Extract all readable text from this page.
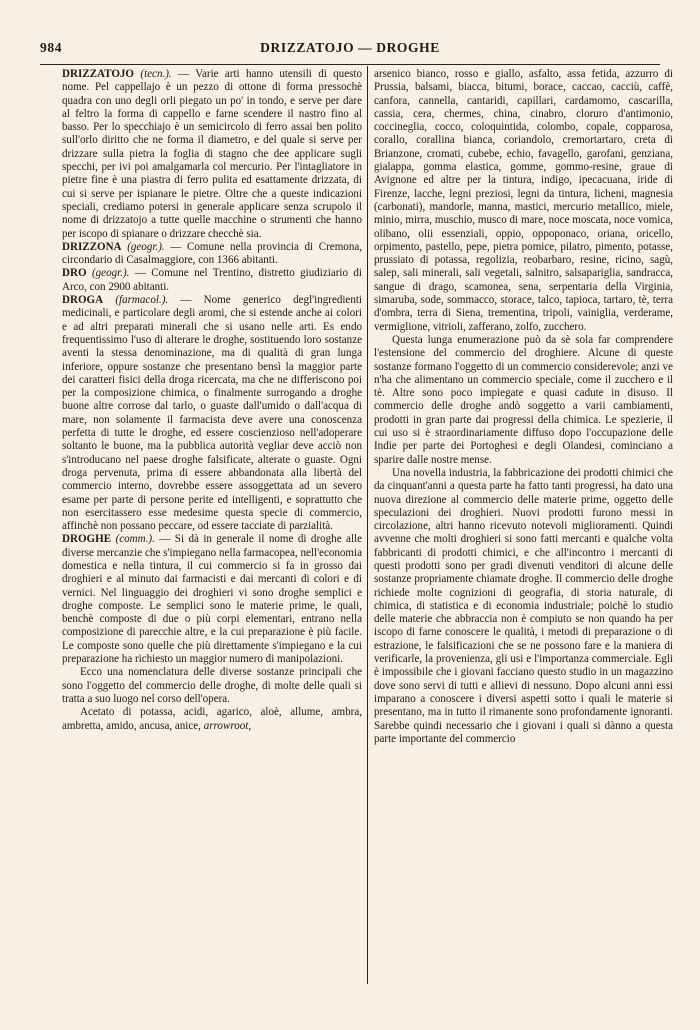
984	DRIZZATOJO — DROGHE

DRIZZATOJO (tecn.). — Varie arti hanno utensili di questo nome. Pel cappellajo è un pezzo di ottone di forma pressochè quadra con uno degli orli piegato un po' in tondo, e serve per dare al feltro la forma di cappello e farne scendere il nastro fino al basso. Per lo specchiajo è un semicircolo di ferro assai ben polito sull'orlo diritto che ne forma il diametro, e del quale si serve per drizzare sulla pietra la foglia di stagno che dee applicare sugli specchi, per ivi poi amalgamarla col mercurio. Per l'intagliatore in pietre fine è una piastra di ferro pulita ed esattamente drizzata, di cui si serve per ispianare le pietre. Oltre che a queste indicazioni speciali, crediamo potersi in generale applicare senza scrupolo il nome di drizzatojo a tutte quelle macchine o strumenti che hanno per iscopo di spianare o drizzare checchè sia.

DRIZZONA (geogr.). — Comune nella provincia di Cremona, circondario di Casalmaggiore, con 1366 abitanti.

DRO (geogr.). — Comune nel Trentino, distretto giudiziario di Arco, con 2900 abitanti.

DROGA (farmacol.). — Nome generico degl'ingredienti medicinali, e particolare degli aromi, che si estende anche ai colori e ad altri preparati minerali che si usano nelle arti. Es endo frequentissimo l'uso di alterare le droghe, sostituendo loro sostanze aventi la stessa denominazione, ma di qualità di gran lunga inferiore, oppure sostanze che presentano bensì la maggior parte dei caratteri fisici della droga ricercata, ma che ne differiscono poi per la composizione chimica, o finalmente surrogando a droghe buone altre corrose dal tarlo, o guaste dall'umido o dall'acqua di mare, non solamente il farmacista deve avere una conoscenza perfetta di tutte le droghe, ed essere coscienzioso nell'adoperare soltanto le buone, ma la pubblica autorità vegliar deve acciò non s'introducano nel paese droghe falsificate, alterate o guaste. Ogni droga pervenuta, prima di essere abbandonata alla libertà del commercio interno, dovrebbe essere assoggettata ad un severo esame per parte di persone perite ed intelligenti, e soprattutto che non esercitassero esse medesime questa specie di commercio, affinchè non possano peccare, od essere tacciate di parzialità.

DROGHE (comm.). — Si dà in generale il nome di droghe alle diverse mercanzie che s'impiegano nella farmacopea, nell'economia domestica e nella tintura, il cui commercio si fa in grosso dai droghieri e al minuto dai farmacisti e dai mercanti di colori e di vernici. Nel linguaggio dei droghieri vi sono droghe semplici e droghe composte. Le semplici sono le materie prime, le quali, benchè composte di due o più corpi elementari, entrano nella composizione di parecchie altre, e la cui preparazione è più facile. Le composte sono quelle che più direttamente s'impiegano e la cui preparazione ha richiesto un maggior numero di manipolazioni.

Ecco una nomenclatura delle diverse sostanze principali che sono l'oggetto del commercio delle droghe, di molte delle quali si tratta a suo luogo nel corso dell'opera.

Acetato di potassa, acidi, agarico, aloè, allume, ambra, ambretta, amido, ancusa, anice, arrowroot,

arsenico bianco, rosso e giallo, asfalto, assa fetida, azzurro di Prussia, balsami, biacca, bitumi, borace, caccao, cacciù, caffè, canfora, cannella, cantaridi, capillari, cardamomo, cascarilla, cassia, cera, chermes, china, cinabro, cloruro d'antimonio, coccineglia, cocco, coloquintida, colombo, copale, copparosa, corallo, corallina bianca, coriandolo, cremortartaro, creta di Brianzone, cromati, cubebe, echio, favagello, garofani, genziana, gialappa, gomma elastica, gomme, gommo-resine, graue di Avignone ed altre per la tintura, indigo, ipecacuana, iride di Firenze, lacche, legni preziosi, legni da tintura, licheni, magnesia (carbonati), mandorle, manna, mastici, mercurio metallico, miele, minio, mirra, muschio, musco di mare, noce moscata, noce vomica, olibano, olii essenziali, oppio, oppoponaco, oriana, oricello, orpimento, pastello, pepe, pietra pomice, pilatro, pimento, potasse, prussiato di potassa, regolizia, reobarbaro, resine, ricino, sagù, salep, sali minerali, sali vegetali, salnitro, salsapariglia, sandracca, sangue di drago, scamonea, sena, serpentaria della Virginia, simaruba, sode, sommacco, storace, talco, tapioca, tartaro, tè, terra d'ombra, terra di Siena, trementina, tripoli, vainiglia, verderame, vermiglione, vitrioli, zafferano, zolfo, zucchero.

Questa lunga enumerazione può da sè sola far comprendere l'estensione del commercio del droghiere. Alcune di queste sostanze formano l'oggetto di un commercio considerevole; anzi ve n'ha che alimentano un commercio speciale, come il zucchero e il tè. Altre sono poco impiegate e quasi cadute in disuso. Il commercio delle droghe andò soggetto a varii cambiamenti, prodotti in gran parte dai progressi della chimica. Le spezierie, il cui uso si è straordinariamente diffuso dopo l'occupazione delle Indie per parte dei Portoghesi e degli Olandesi, cominciano a sparire dalle nostre mense.

Una novella industria, la fabbricazione dei prodotti chimici che da cinquant'anni a questa parte ha fatto tanti progressi, ha dato una nuova direzione al commercio delle materie prime, oggetto delle speculazioni dei droghieri. Nuovi prodotti furono messi in circolazione, altri hanno ricevuto notevoli miglioramenti. Quindi avvenne che molti droghieri si sono fatti mercanti e qualche volta fabbricanti di prodotti chimici, e che all'incontro i mercanti di questi prodotti sono per gradi divenuti venditori di alcune delle sostanze propriamente chiamate droghe. Il commercio delle droghe richiede molte cognizioni di geografia, di storia naturale, di chimica, di statistica e di economia industriale; poichè lo studio delle materie che abbraccia non è compiuto se non quando ha per iscopo di farne conoscere le qualità, i metodi di preparazione o di estrazione, le falsificazioni che se ne possono fare e la maniera di verificarle, la provenienza, gli usi e l'importanza commerciale. Egli è impossibile che i giovani facciano questo studio in un magazzino dove sono servi di tutti e allievi di nessuno. Dopo alcuni anni essi imparano a conoscere i diversi aspetti sotto i quali le materie si presentano, ma in tutto il rimanente sono profondamente ignoranti. Sarebbe quindi necessario che i giovani i quali si dànno a questa parte importante del commercio
